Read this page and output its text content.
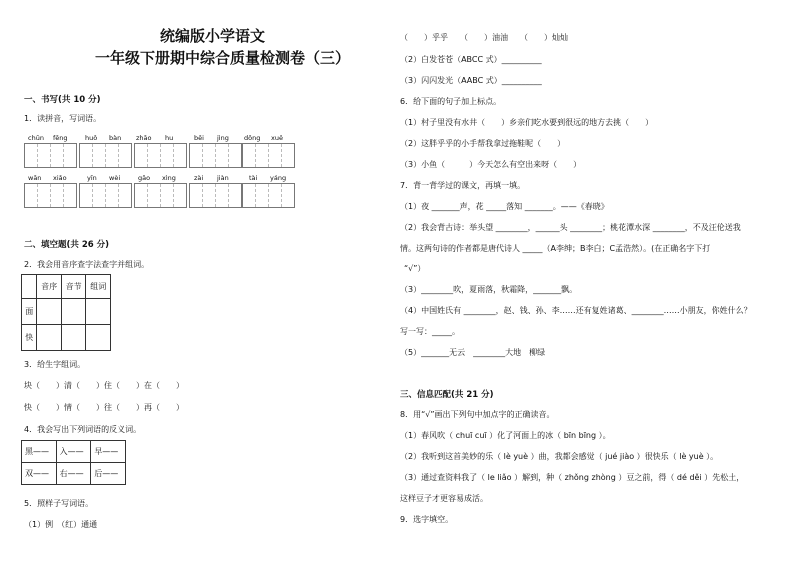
统编版小学语文
一年级下册期中综合质量检测卷（三）
一、书写(共 10 分)
1．读拼音，写词语。
chūn fēng	huǒ bàn zhāo hu	bēi jìng dōng xuě
wān xiǎo	yīn wèi	gāo xìng	zài jiàn	tài yáng
二、填空题(共 26 分)
2．我会用音序查字法查字并组词。
	音序	音节	组词
面			
快			
3．给生字组词。
块（　　）清（　　）住（　　）在（　　）
快（　　）情（　　）往（　　）再（　　）
4．我会写出下列词语的反义词。
黑——	入——	早——
双——	右——	后——
5．照样子写词语。
（1）例　（红）通通
（　　）乎乎　　（　　）油油　　（　　）灿灿
（2）白发苍苍（ABCC 式）__________
（3）闪闪发光（AABC 式）__________
6．给下面的句子加上标点。
（1）村子里没有水井（　　）乡亲们吃水要到很远的地方去挑（　　）
（2）这胖乎乎的小手帮我拿过拖鞋呢（　　）
（3）小鱼（　　　）今天怎么有空出来呀（　　）
7．背一背学过的课文，再填一填。
（1）夜 _______声，花 _____落知 _______。——《春晓》
（2）我会背古诗：举头望 ________，______头 ________；桃花潭水深 ________，不及汪伦送我
情。这两句诗的作者都是唐代诗人 _____（A李绅；B李白；C孟浩然）。(在正确名字下打
“√”）
（3）________吹，夏雨落，秋霜降，_______飘。
（4）中国姓氏有 ________，赵、钱、孙、李……还有复姓诸葛、________……小朋友，你姓什么？
写一写：_____。
（5）_______无云　________大地　柳绿
三、信息匹配(共 21 分)
8．用“√”画出下列句中加点字的正确读音。
（1）春风吹（ chuī cuī ）化了河面上的冰（ bīn bīng ）。
（2）我听到这首美妙的乐（ lè yuè ）曲，我都会感觉（ jué jiào ）很快乐（ lè yuè ）。
（3）通过查资料我了（ le liǎo ）解到，种（ zhǒng zhòng ）豆之前，得（ dé děi ）先松土，
这样豆子才更容易成活。
9．选字填空。
